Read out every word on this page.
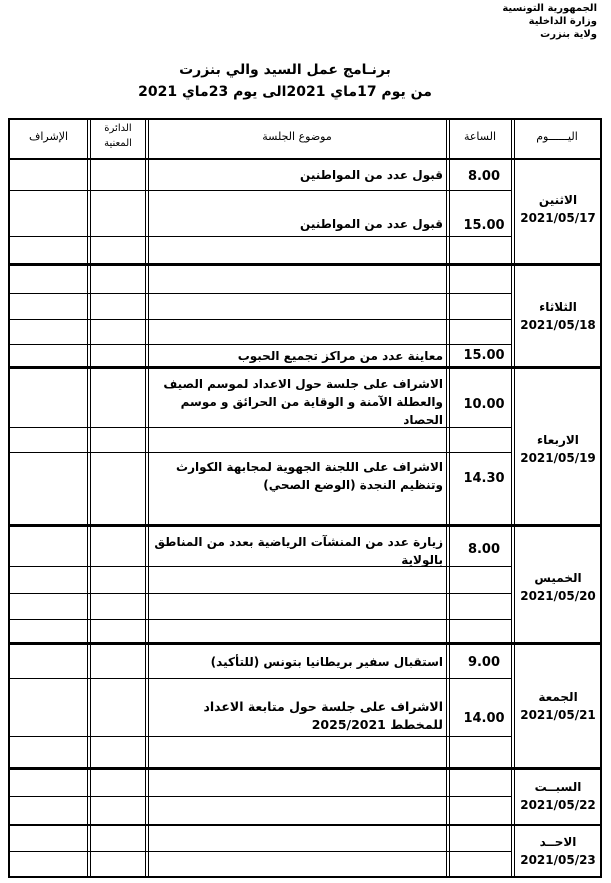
الجمهورية التونسية
وزارة الداخلية
ولاية بنزرت
برنـامج عمل السيد والي بنزرت
من يوم 17ماي 2021الى يوم 23ماي 2021
اليــــــوم
الساعة
موضوع الجلسة
الدائرة المعنية
الإشراف
الاثنين
2021/05/17
الثلاثاء
2021/05/18
الاربعاء
2021/05/19
الخميس
2021/05/20
الجمعة
2021/05/21
السبــت
2021/05/22
الاحــد
2021/05/23
8.00
15.00
15.00
10.00
14.30
8.00
9.00
14.00
قبول عدد من المواطنين
قبول عدد من المواطنين
معاينة عدد من مراكز تجميع الحبوب
الاشراف على جلسة حول الاعداد لموسم الصيف والعطلة الآمنة و الوقاية من الحرائق و موسم الحصاد
الاشراف على اللجنة الجهوية لمجابهة الكوارث وتنظيم النجدة (الوضع الصحي)
زيارة عدد من المنشآت الرياضية بعدد من المناطق بالولاية
استقبال سفير بريطانيا بتونس (للتأكيد)
الاشراف على جلسة حول متابعة الاعداد للمخطط 2025/2021
